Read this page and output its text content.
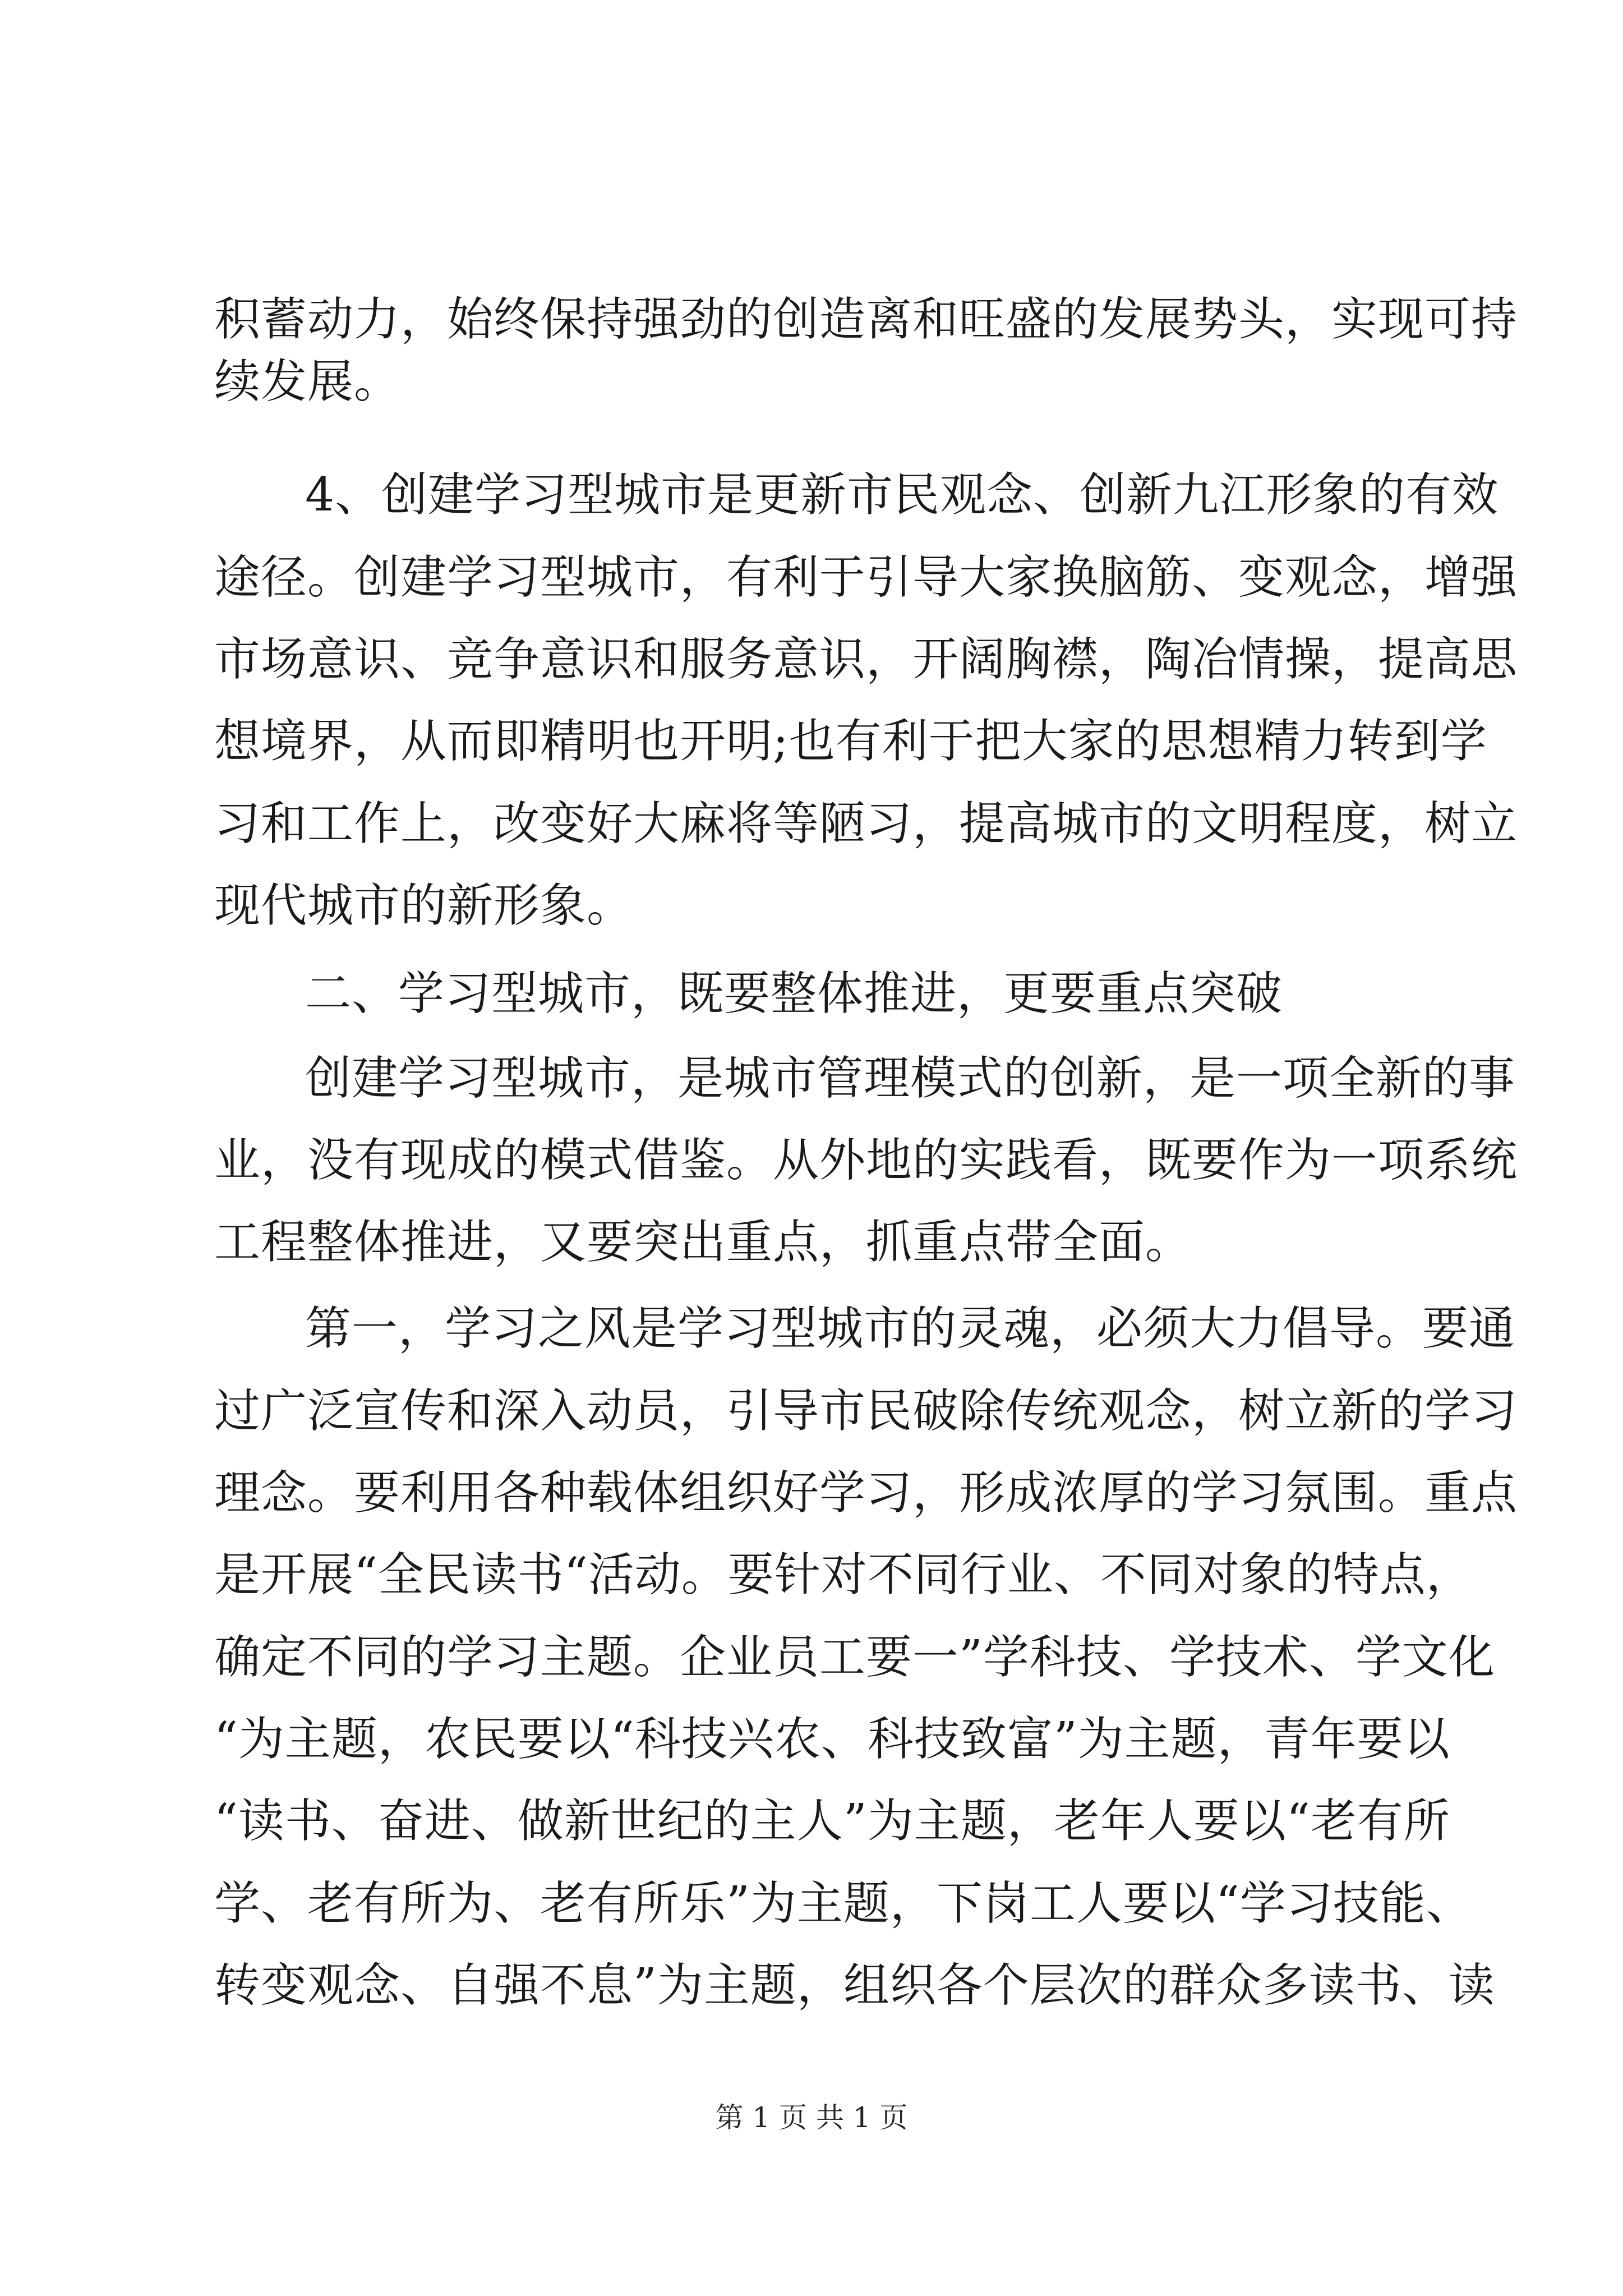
积蓄动力，始终保持强劲的创造离和旺盛的发展势头，实现可持
续发展。
4、创建学习型城市是更新市民观念、创新九江形象的有效
途径。创建学习型城市，有利于引导大家换脑筋、变观念，增强
市场意识、竞争意识和服务意识，开阔胸襟，陶冶情操，提高思
想境界，从而即精明也开明;也有利于把大家的思想精力转到学
习和工作上，改变好大麻将等陋习，提高城市的文明程度，树立
现代城市的新形象。
二、学习型城市，既要整体推进，更要重点突破
创建学习型城市，是城市管理模式的创新，是一项全新的事
业，没有现成的模式借鉴。从外地的实践看，既要作为一项系统
工程整体推进，又要突出重点，抓重点带全面。
第一，学习之风是学习型城市的灵魂，必须大力倡导。要通
过广泛宣传和深入动员，引导市民破除传统观念，树立新的学习
理念。要利用各种载体组织好学习，形成浓厚的学习氛围。重点
是开展“全民读书“活动。要针对不同行业、不同对象的特点，
确定不同的学习主题。企业员工要一”学科技、学技术、学文化
“为主题，农民要以“科技兴农、科技致富”为主题，青年要以
“读书、奋进、做新世纪的主人”为主题，老年人要以“老有所
学、老有所为、老有所乐”为主题，下岗工人要以“学习技能、
转变观念、自强不息”为主题，组织各个层次的群众多读书、读
第 1 页 共 1 页
